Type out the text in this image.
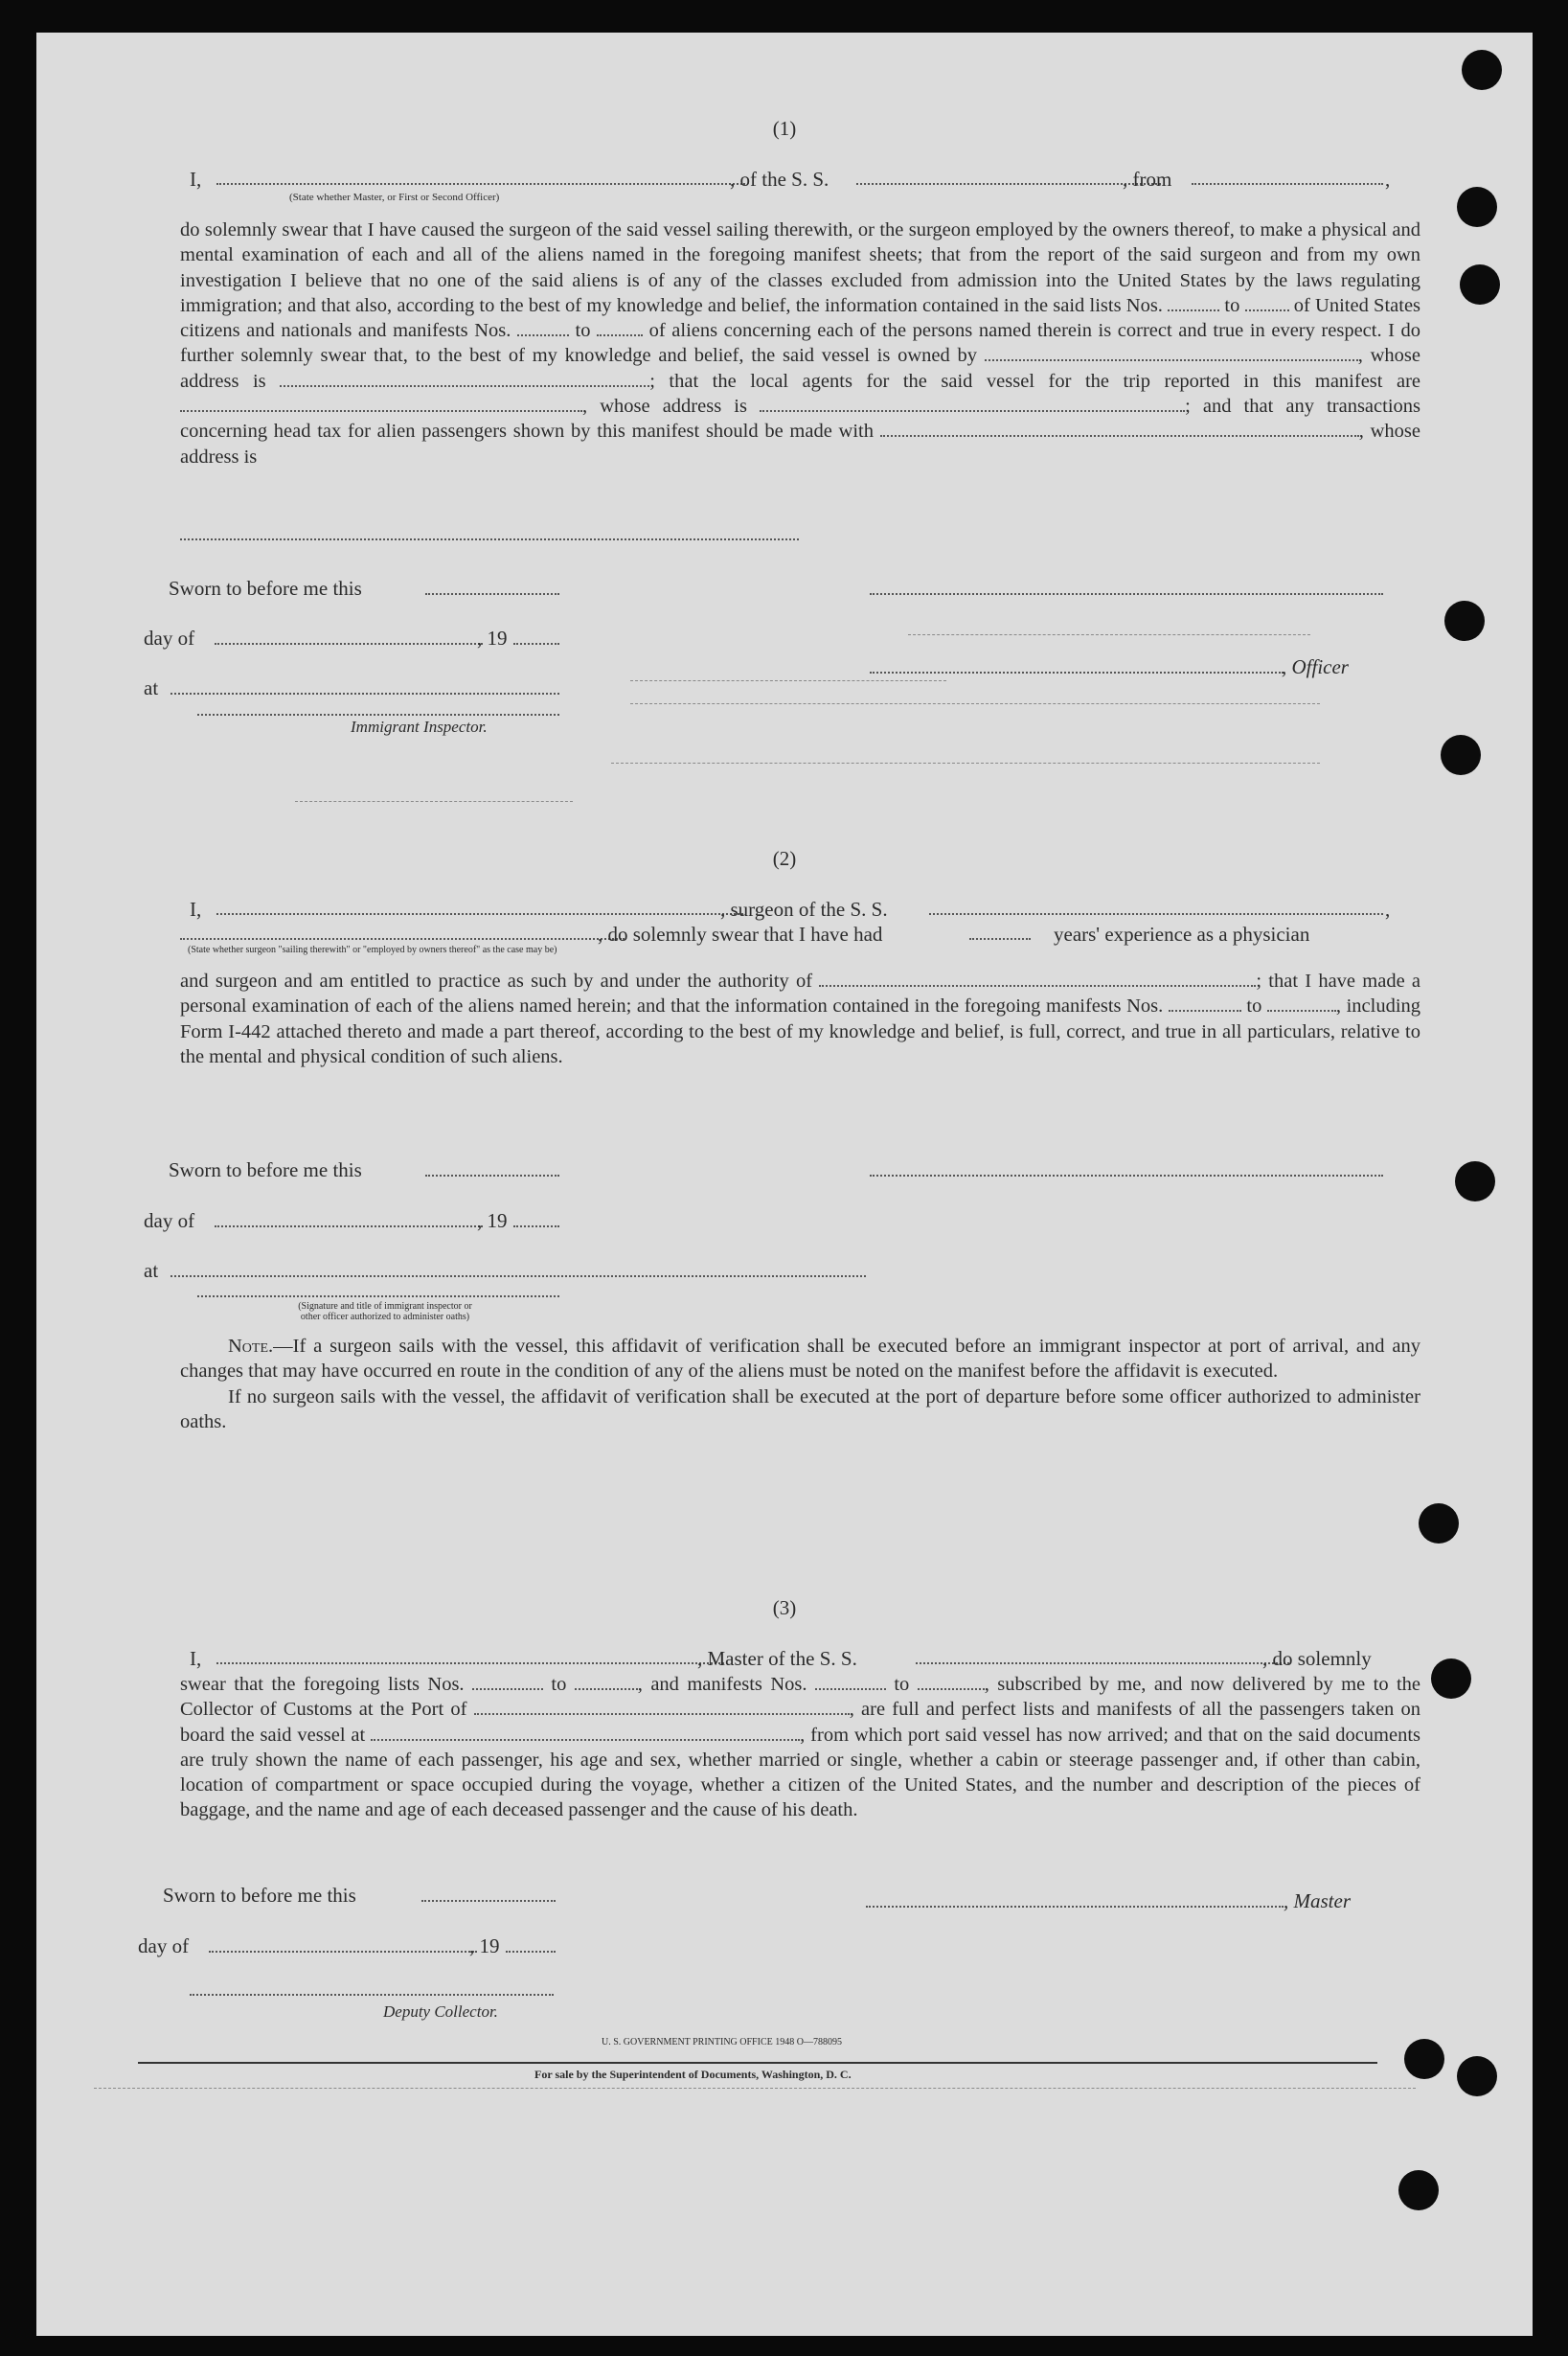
(1)
I,	, of the S. S.	, from	,
(State whether Master, or First or Second Officer)

do solemnly swear that I have caused the surgeon of the said vessel sailing therewith, or the surgeon employed by the owners thereof, to make a physical and mental examination of each and all of the aliens named in the foregoing manifest sheets; that from the report of the said surgeon and from my own investigation I believe that no one of the said aliens is of any of the classes excluded from admission into the United States by the laws regulating immigration; and that also, according to the best of my knowledge and belief, the information contained in the said lists Nos.	to	of United States citizens and nationals and manifests Nos.	to	of aliens concerning each of the persons named therein is correct and true in every respect. I do further solemnly swear that, to the best of my knowledge and belief, the said vessel is owned by	, whose address is	; that the local agents for the said vessel for the trip reported in this manifest are , whose address is	; and that any transactions concerning head tax for alien passengers shown by this manifest should be made with	, whose address is

Sworn to before me this
day of	, 19
, Officer
at
Immigrant Inspector.
(2)
I,	, surgeon of the S. S.	,
, do solemnly swear that I have had	years' experience as a physician
(State whether surgeon "sailing therewith" or "employed by owners thereof" as the case may be)

and surgeon and am entitled to practice as such by and under the authority of	; that I have made a personal examination of each of the aliens named herein; and that the information contained in the foregoing manifests Nos.	to	, including Form I-442 attached thereto and made a part thereof, according to the best of my knowledge and belief, is full, correct, and true in all particulars, relative to the mental and physical condition of such aliens.

Sworn to before me this
day of	, 19
at
(Signature and title of immigrant inspector or
other officer authorized to administer oaths)

Note.—If a surgeon sails with the vessel, this affidavit of verification shall be executed before an immigrant inspector at port of arrival, and any changes that may have occurred en route in the condition of any of the aliens must be noted on the manifest before the affidavit is executed.

If no surgeon sails with the vessel, the affidavit of verification shall be executed at the port of departure before some officer authorized to administer oaths.

(3)
I,	, Master of the S. S.	, do solemnly

swear that the foregoing lists Nos.	to	, and manifests Nos.	to	, subscribed by me, and now delivered by me to the Collector of Customs at the Port of	, are full and perfect lists and manifests of all the passengers taken on board the said vessel at	, from which port said vessel has now arrived; and that on the said documents are truly shown the name of each passenger, his age and sex, whether married or single, whether a cabin or steerage passenger and, if other than cabin, location of compartment or space occupied during the voyage, whether a citizen of the United States, and the number and description of the pieces of baggage, and the name and age of each deceased passenger and the cause of his death.

Sworn to before me this	, Master
day of	, 19
Deputy Collector.
U. S. GOVERNMENT PRINTING OFFICE 1948 O—788095
For sale by the Superintendent of Documents, Washington, D. C.
